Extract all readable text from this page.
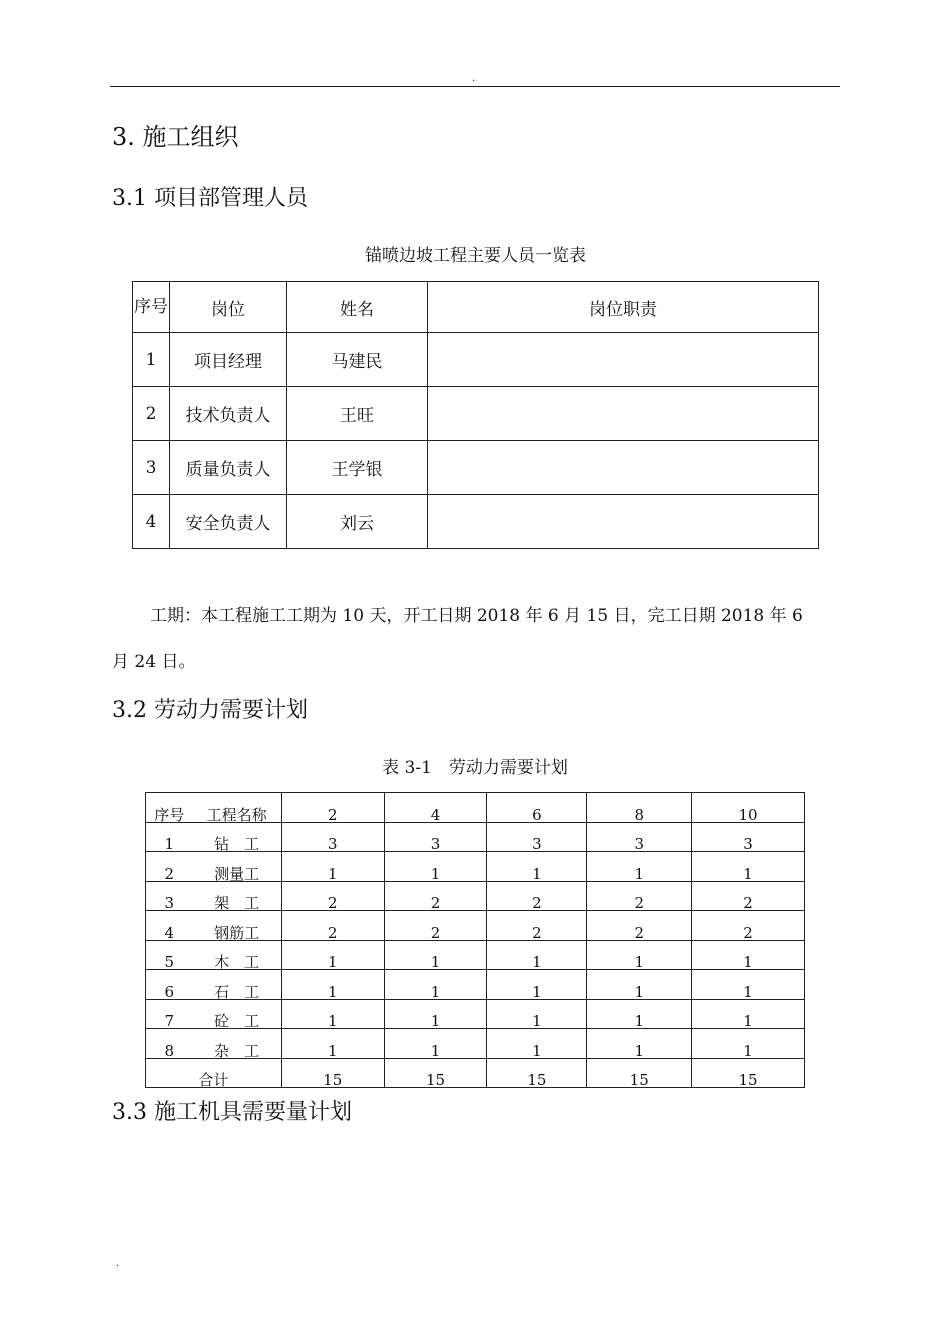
.
3. 施工组织
3.1 项目部管理人员
锚喷边坡工程主要人员一览表
序号	岗位	姓名	岗位职责
1	项目经理	马建民	
2	技术负责人	王旺	
3	质量负责人	王学银	
4	安全负责人	刘云	
工期：本工程施工工期为 10 天，开工日期 2018 年 6 月 15 日，完工日期 2018 年 6
月 24 日。
3.2 劳动力需要计划
表 3-1　劳动力需要计划
序号	工程名称	2	4	6	8	10
1	钻　工	3	3	3	3	3
2	测量工	1	1	1	1	1
3	架　工	2	2	2	2	2
4	钢筋工	2	2	2	2	2
5	木　工	1	1	1	1	1
6	石　工	1	1	1	1	1
7	砼　工	1	1	1	1	1
8	杂　工	1	1	1	1	1
合计		15	15	15	15	15
3.3 施工机具需要量计划
.
